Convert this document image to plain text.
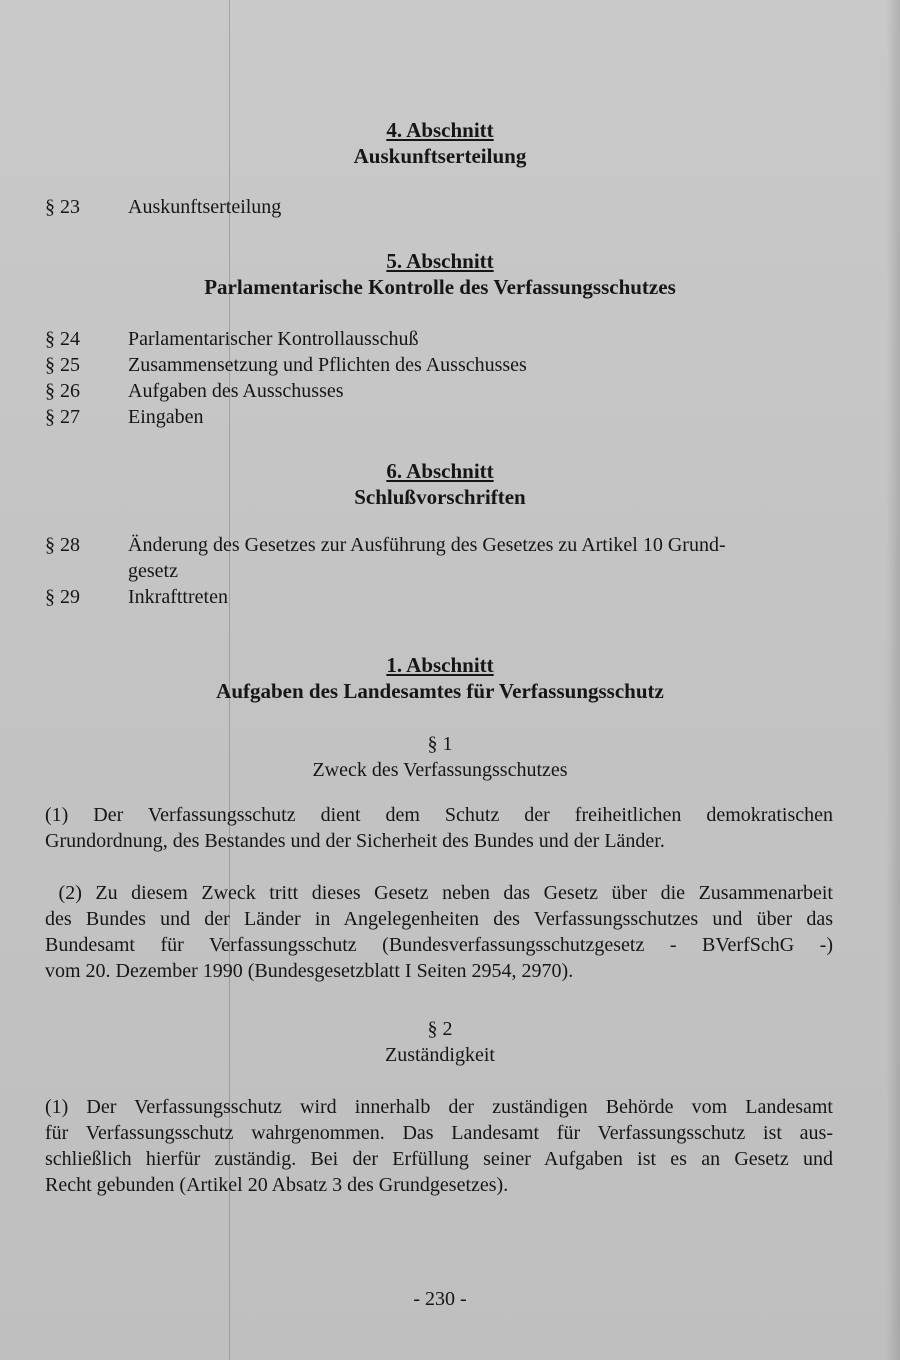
4. Abschnitt
Auskunftserteilung
§ 23	Auskunftserteilung
5. Abschnitt
Parlamentarische Kontrolle des Verfassungsschutzes
§ 24	Parlamentarischer Kontrollausschuß
§ 25	Zusammensetzung und Pflichten des Ausschusses
§ 26	Aufgaben des Ausschusses
§ 27	Eingaben
6. Abschnitt
Schlußvorschriften
§ 28	Änderung des Gesetzes zur Ausführung des Gesetzes zu Artikel 10 Grund-
gesetz
§ 29	Inkrafttreten
1. Abschnitt
Aufgaben des Landesamtes für Verfassungsschutz
§ 1
Zweck des Verfassungsschutzes
(1) Der Verfassungsschutz dient dem Schutz der freiheitlichen demokratischen
Grundordnung, des Bestandes und der Sicherheit des Bundes und der Länder.
(2) Zu diesem Zweck tritt dieses Gesetz neben das Gesetz über die Zusammenarbeit
des Bundes und der Länder in Angelegenheiten des Verfassungsschutzes und über das
Bundesamt für Verfassungsschutz (Bundesverfassungsschutzgesetz - BVerfSchG -)
vom 20. Dezember 1990 (Bundesgesetzblatt I Seiten 2954, 2970).
§ 2
Zuständigkeit
(1) Der Verfassungsschutz wird innerhalb der zuständigen Behörde vom Landesamt
für Verfassungsschutz wahrgenommen. Das Landesamt für Verfassungsschutz ist aus-
schließlich hierfür zuständig. Bei der Erfüllung seiner Aufgaben ist es an Gesetz und
Recht gebunden (Artikel 20 Absatz 3 des Grundgesetzes).
- 230 -
